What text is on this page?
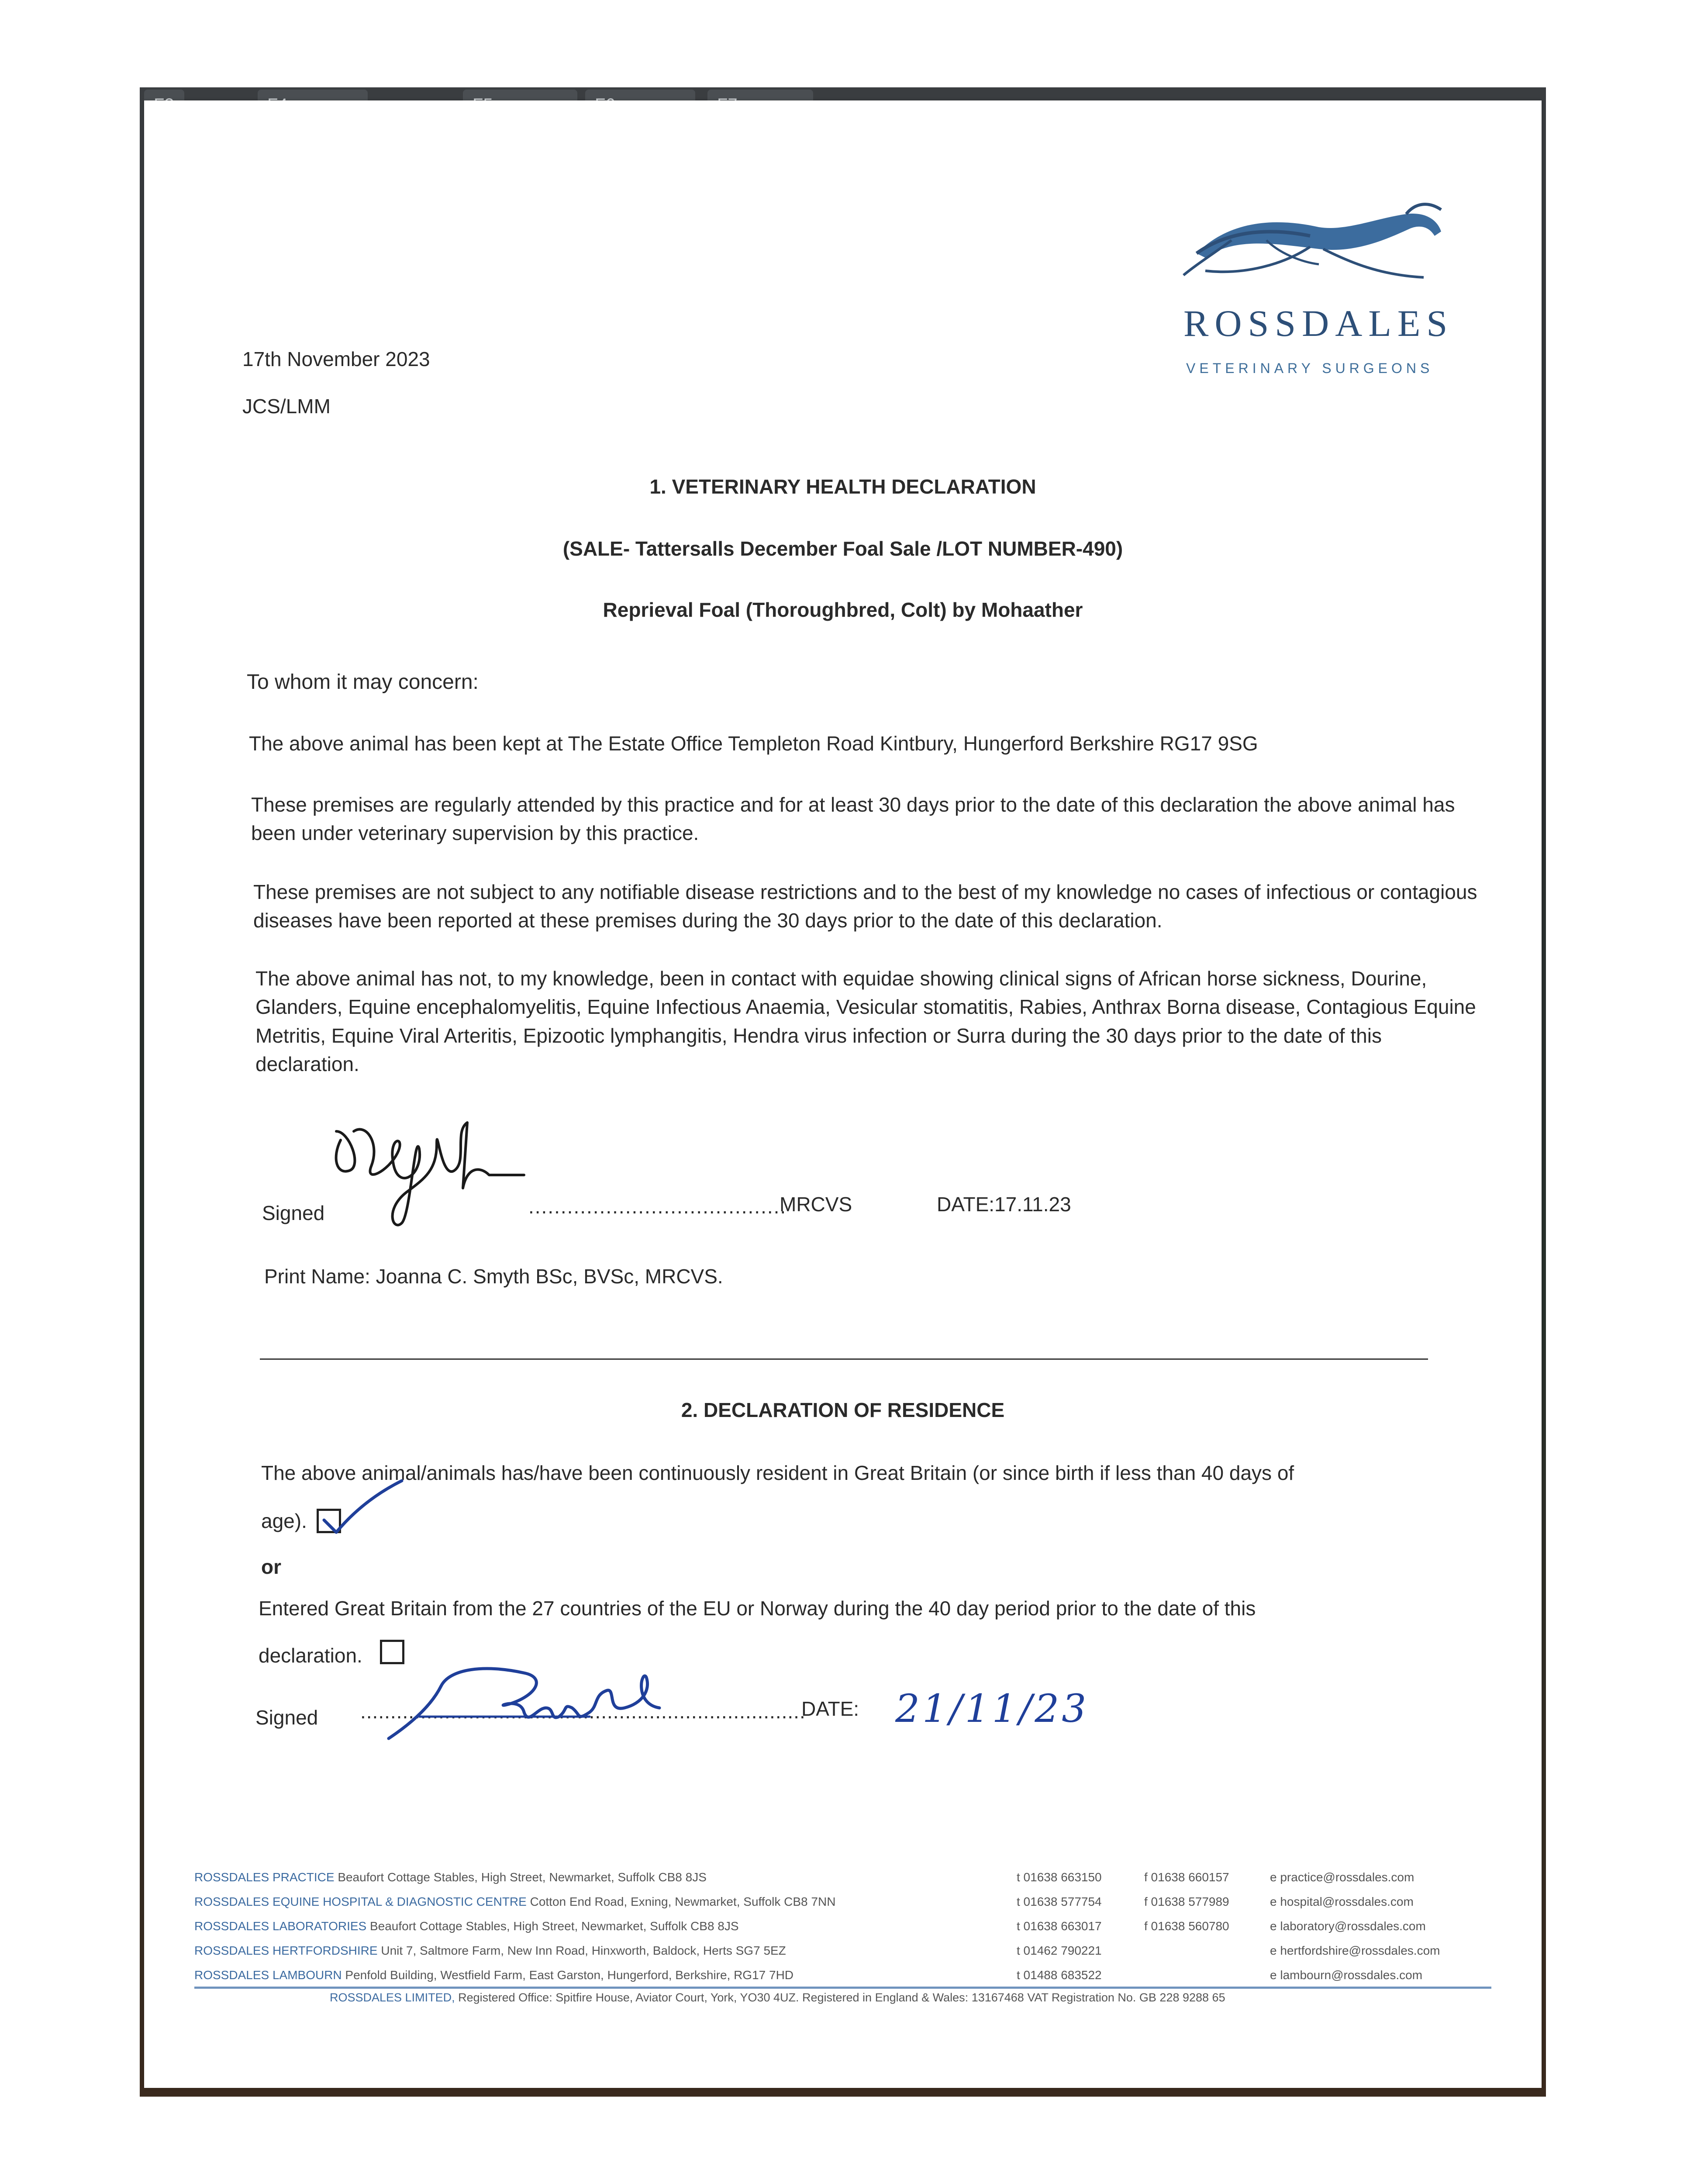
ROSSDALES
VETERINARY SURGEONS
17th November 2023
JCS/LMM
1. VETERINARY HEALTH DECLARATION
(SALE- Tattersalls December Foal Sale /LOT NUMBER-490)
Reprieval Foal (Thoroughbred, Colt) by Mohaather
To whom it may concern:
The above animal has been kept at The Estate Office Templeton Road Kintbury, Hungerford Berkshire RG17 9SG
These premises are regularly attended by this practice and for at least 30 days prior to the date of this declaration the above animal has been under veterinary supervision by this practice.
These premises are not subject to any notifiable disease restrictions and to the best of my knowledge no cases of infectious or contagious diseases have been reported at these premises during the 30 days prior to the date of this declaration.
The above animal has not, to my knowledge, been in contact with equidae showing clinical signs of African horse sickness, Dourine, Glanders, Equine encephalomyelitis, Equine Infectious Anaemia, Vesicular stomatitis, Rabies, Anthrax Borna disease, Contagious Equine Metritis, Equine Viral Arteritis, Epizootic lymphangitis, Hendra virus infection or Surra during the 30 days prior to the date of this declaration.
Signed	........................................
MRCVS	DATE:17.11.23
Print Name: Joanna C. Smyth BSc, BVSc, MRCVS.
2. DECLARATION OF RESIDENCE
The above animal/animals has/have been continuously resident in Great Britain (or since birth if less than 40 days of
age).
or
Entered Great Britain from the 27 countries of the EU or Norway during the 40 day period prior to the date of this
declaration.
Signed ..........................................................................
DATE: 21/11/23
ROSSDALES PRACTICE Beaufort Cottage Stables, High Street, Newmarket, Suffolk CB8 8JS
ROSSDALES EQUINE HOSPITAL & DIAGNOSTIC CENTRE Cotton End Road, Exning, Newmarket, Suffolk CB8 7NN
ROSSDALES LABORATORIES Beaufort Cottage Stables, High Street, Newmarket, Suffolk CB8 8JS
ROSSDALES HERTFORDSHIRE Unit 7, Saltmore Farm, New Inn Road, Hinxworth, Baldock, Herts SG7 5EZ
ROSSDALES LAMBOURN Penfold Building, Westfield Farm, East Garston, Hungerford, Berkshire, RG17 7HD
t 01638 663150
t 01638 577754
t 01638 663017
t 01462 790221
t 01488 683522
f 01638 660157
f 01638 577989
f 01638 560780

e practice@rossdales.com
e hospital@rossdales.com
e laboratory@rossdales.com
e hertfordshire@rossdales.com
e lambourn@rossdales.com
ROSSDALES LIMITED, Registered Office: Spitfire House, Aviator Court, York, YO30 4UZ. Registered in England & Wales: 13167468 VAT Registration No. GB 228 9288 65
